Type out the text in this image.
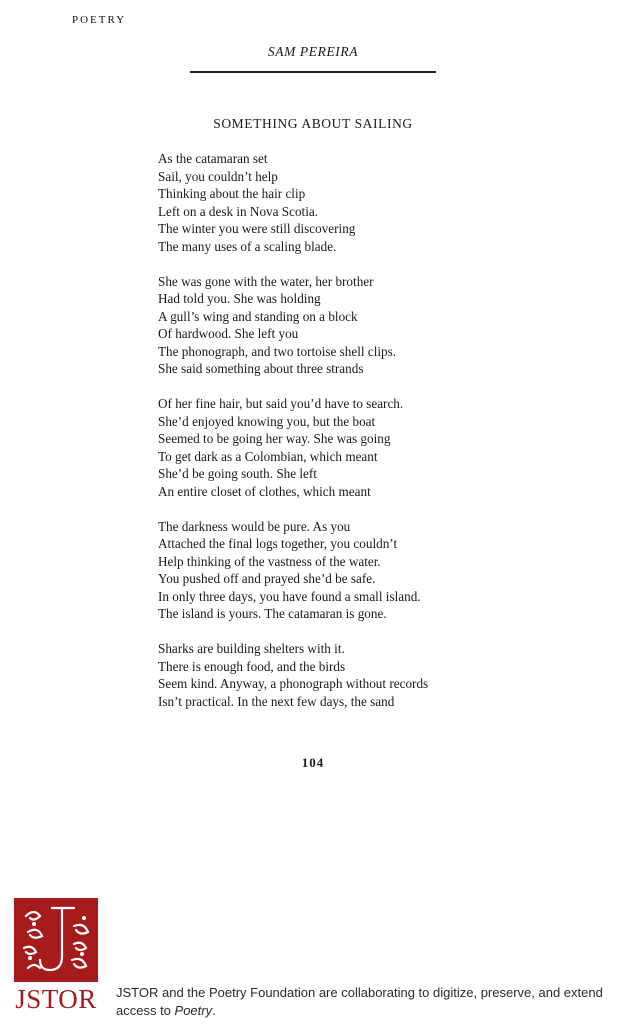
POETRY
SAM PEREIRA
SOMETHING ABOUT SAILING
As the catamaran set
Sail, you couldn’t help
Thinking about the hair clip
Left on a desk in Nova Scotia.
The winter you were still discovering
The many uses of a scaling blade.
She was gone with the water, her brother
Had told you. She was holding
A gull’s wing and standing on a block
Of hardwood. She left you
The phonograph, and two tortoise shell clips.
She said something about three strands
Of her fine hair, but said you’d have to search.
She’d enjoyed knowing you, but the boat
Seemed to be going her way. She was going
To get dark as a Colombian, which meant
She’d be going south. She left
An entire closet of clothes, which meant
The darkness would be pure. As you
Attached the final logs together, you couldn’t
Help thinking of the vastness of the water.
You pushed off and prayed she’d be safe.
In only three days, you have found a small island.
The island is yours. The catamaran is gone.
Sharks are building shelters with it.
There is enough food, and the birds
Seem kind. Anyway, a phonograph without records
Isn’t practical. In the next few days, the sand
104
JSTOR JSTOR and the Poetry Foundation are collaborating to digitize, preserve, and extend access to Poetry.
